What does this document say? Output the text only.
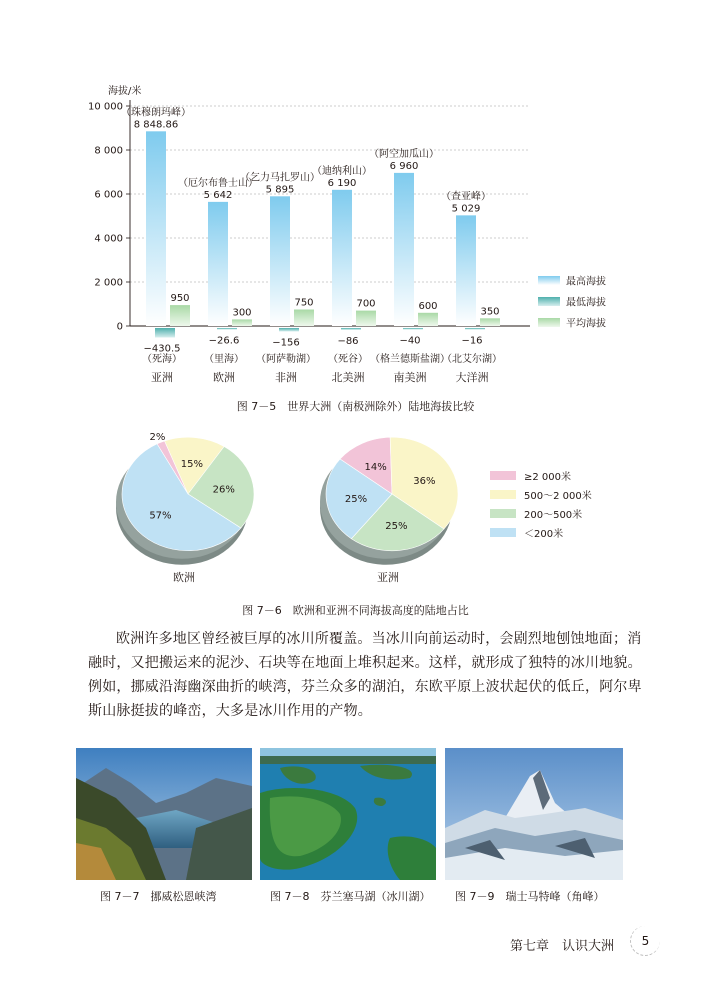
海拔/米
0
2 000
4 000
6 000
8 000
10 000
8 848.86
（珠穆朗玛峰）
950
−430.5
（死海）
亚洲
5 642
（厄尔布鲁士山）
300
−26.6
（里海）
欧洲
5 895
（乞力马扎罗山）
750
−156
（阿萨勒湖）
非洲
6 190
（迪纳利山）
700
−86
（死谷）
北美洲
6 960
（阿空加瓜山）
600
−40
（格兰德斯盐湖）
南美洲
5 029
（查亚峰）
350
−16
（北艾尔湖）
大洋洲
最高海拔
最低海拔
平均海拔
图 7－5　世界大洲（南极洲除外）陆地海拔比较
2%
15%
26%
57%
欧洲
14%
36%
25%
25%
亚洲
≥2 000米
500～2 000米
200～500米
＜200米
图 7－6　欧洲和亚洲不同海拔高度的陆地占比

欧洲许多地区曾经被巨厚的冰川所覆盖。当冰川向前运动时，会剧烈地刨蚀地面；消融时，又把搬运来的泥沙、石块等在地面上堆积起来。这样，就形成了独特的冰川地貌。例如，挪威沿海幽深曲折的峡湾，芬兰众多的湖泊，东欧平原上波状起伏的低丘，阿尔卑斯山脉挺拔的峰峦，大多是冰川作用的产物。

图 7－7　挪威松恩峡湾	图 7－8　芬兰塞马湖（冰川湖） 图 7－9　瑞士马特峰（角峰）
第七章　认识大洲	5
